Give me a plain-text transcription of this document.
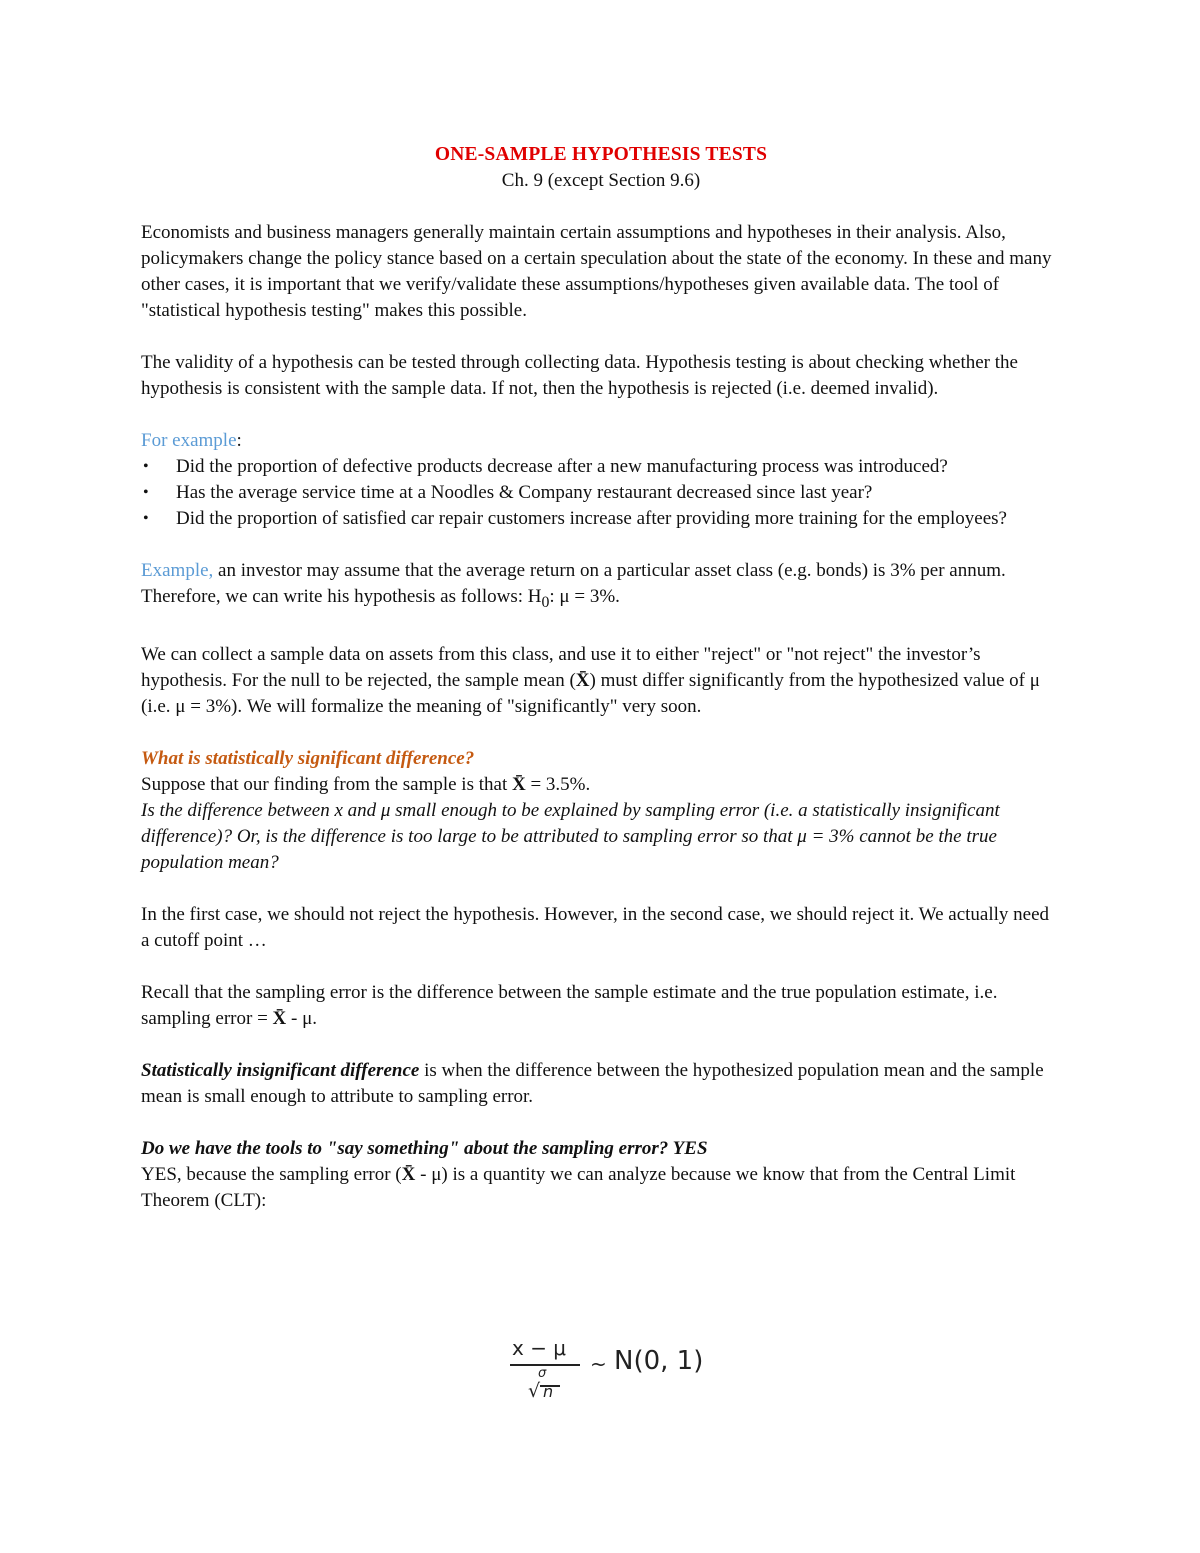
ONE-SAMPLE HYPOTHESIS TESTS

Ch. 9 (except Section 9.6)

Economists and business managers generally maintain certain assumptions and hypotheses in their analysis. Also, policymakers change the policy stance based on a certain speculation about the state of the economy. In these and many other cases, it is important that we verify/validate these assumptions/hypotheses given available data. The tool of "statistical hypothesis testing" makes this possible.

The validity of a hypothesis can be tested through collecting data. Hypothesis testing is about checking whether the hypothesis is consistent with the sample data. If not, then the hypothesis is rejected (i.e. deemed invalid).

For example:

• Did the proportion of defective products decrease after a new manufacturing process was introduced?
• Has the average service time at a Noodles & Company restaurant decreased since last year?
• Did the proportion of satisfied car repair customers increase after providing more training for the employees?

Example, an investor may assume that the average return on a particular asset class (e.g. bonds) is 3% per annum. Therefore, we can write his hypothesis as follows: $H_0$: μ = 3%.

We can collect a sample data on assets from this class, and use it to either "reject" or "not reject" the investor’s hypothesis. For the null to be rejected, the sample mean (X̄) must differ significantly from the hypothesized value of μ (i.e. μ = 3%). We will formalize the meaning of "significantly" very soon.

What is statistically significant difference?

Suppose that our finding from the sample is that X̄ = 3.5%.

Is the difference between x and μ small enough to be explained by sampling error (i.e. a statistically insignificant difference)? Or, is the difference is too large to be attributed to sampling error so that μ = 3% cannot be the true population mean?

In the first case, we should not reject the hypothesis. However, in the second case, we should reject it. We actually need a cutoff point …

Recall that the sampling error is the difference between the sample estimate and the true population estimate, i.e. sampling error = X̄ - μ.

Statistically insignificant difference is when the difference between the hypothesized population mean and the sample mean is small enough to attribute to sampling error.

Do we have the tools to "say something" about the sampling error? YES

YES, because the sampling error (X̄ - μ) is a quantity we can analyze because we know that from the Central Limit Theorem (CLT):

x − μ
σ
√ n
~ N(0, 1)
